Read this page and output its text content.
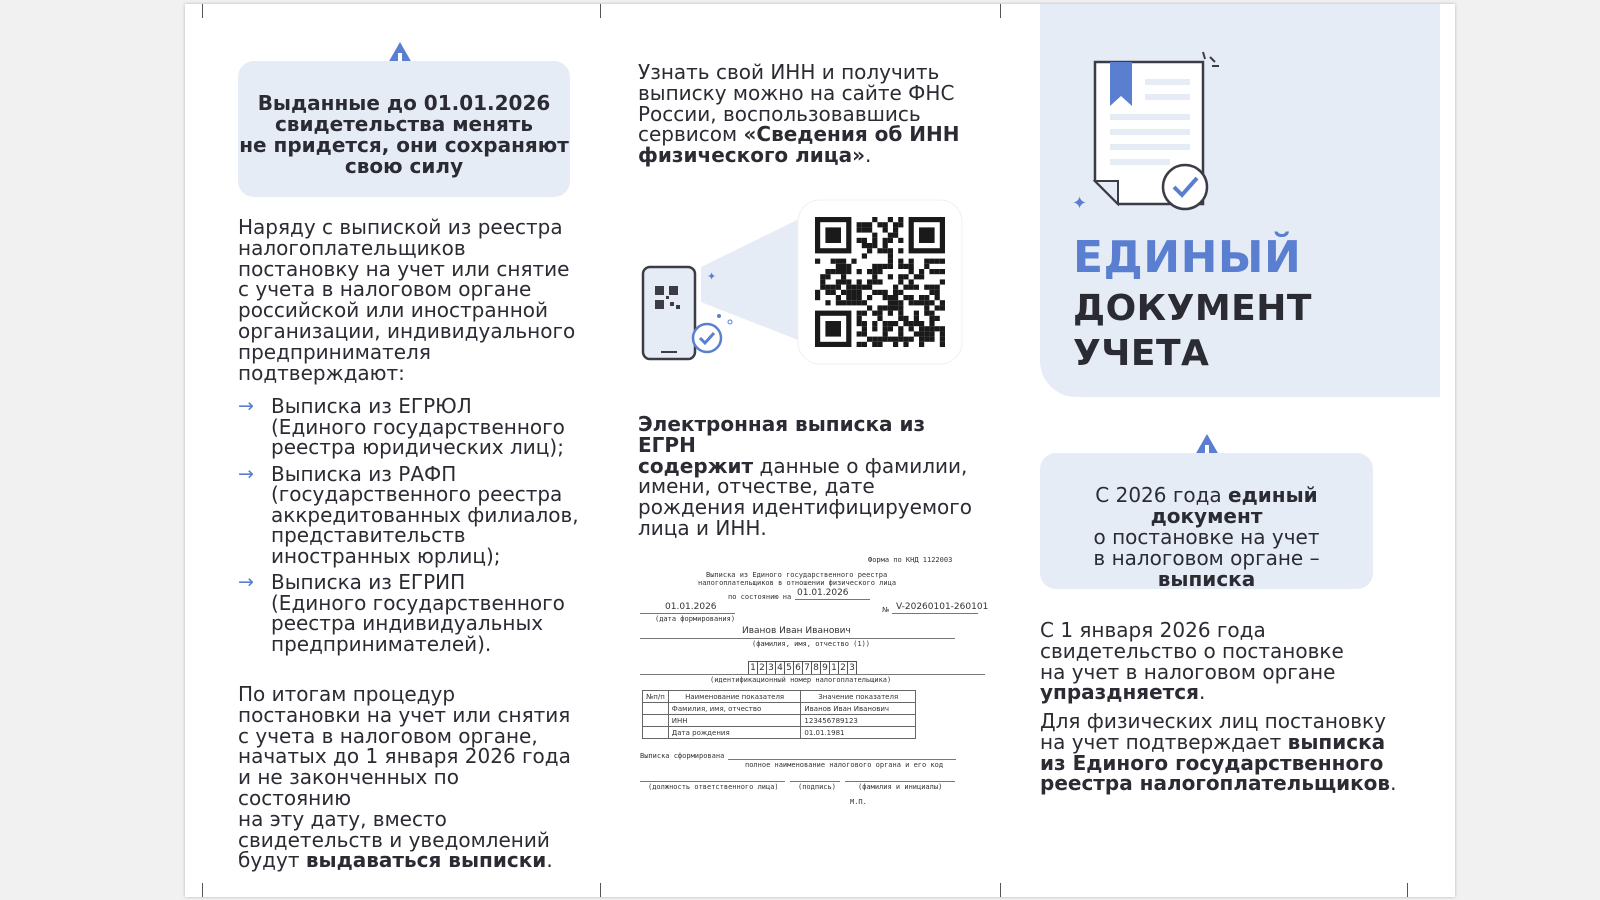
Выданные до 01.01.2026
свидетельства менять
не придется, они сохраняют
свою силу
Наряду с выпиской из реестра
налогоплательщиков
постановку на учет или снятие
с учета в налоговом органе
российской или иностранной
организации, индивидуального
предпринимателя
подтверждают:
→ Выписка из ЕГРЮЛ
(Единого государственного
реестра юридических лиц);
→ Выписка из РАФП
(государственного реестра
аккредитованных филиалов,
представительств
иностранных юрлиц);
→ Выписка из ЕГРИП
(Единого государственного
реестра индивидуальных
предпринимателей).
По итогам процедур
постановки на учет или снятия
с учета в налоговом органе,
начатых до 1 января 2026 года
и не законченных по состоянию
на эту дату, вместо
свидетельств и уведомлений
будут выдаваться выписки.
Узнать свой ИНН и получить
выписку можно на сайте ФНС
России, воспользовавшись
сервисом «Сведения об ИНН
физического лица».
✦
Электронная выписка из ЕГРН
содержит данные о фамилии,
имени, отчестве, дате
рождения идентифицируемого
лица и ИНН.
Форма по КНД 1122003
Выписка из Единого государственного реестра
налогоплательщиков в отношении физического лица
по состоянию на 01.01.2026
01.01.2026	№ V-20260101-260101
(дата формирования)
Иванов Иван Иванович
(фамилия, имя, отчество (1))
1 2 3 4 5 6 7 8 9 1 2 3
(идентификационный номер налогоплательщика)
№п/п	Наименование показателя	Значение показателя
	Фамилия, имя, отчество	Иванов Иван Иванович
	ИНН	123456789123
	Дата рождения	01.01.1981
Выписка сформирована
полное наименование налогового органа и его код
(должность ответственного лица)	(подпись)	(фамилия и инициалы)
М.П.
✦
ЕДИНЫЙ
ДОКУМЕНТ
УЧЕТА
С 2026 года единый документ
о постановке на учет
в налоговом органе –
выписка
С 1 января 2026 года
свидетельство о постановке
на учет в налоговом органе
упраздняется.
Для физических лиц постановку
на учет подтверждает выписка
из Единого государственного
реестра налогоплательщиков.
